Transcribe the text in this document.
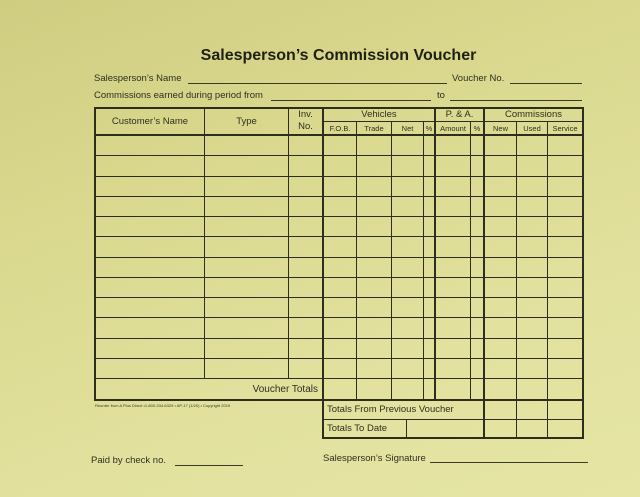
Salesperson’s Commission Voucher
Salesperson’s Name	Voucher No.
Commissions earned during period from	to
Customer’s Name	Type
Inv.
No.
Vehicles
F.O.B.	Trade	Net	%
P. & A.
Amount	%
Commissions
New	Used	Service
Voucher Totals
Totals From Previous Voucher
Totals To Date
Reorder from A Plus Direct •1-800-334-6329 • AP-17 (1/20) • Copyright 2019
Paid by check no.	Salesperson’s Signature
